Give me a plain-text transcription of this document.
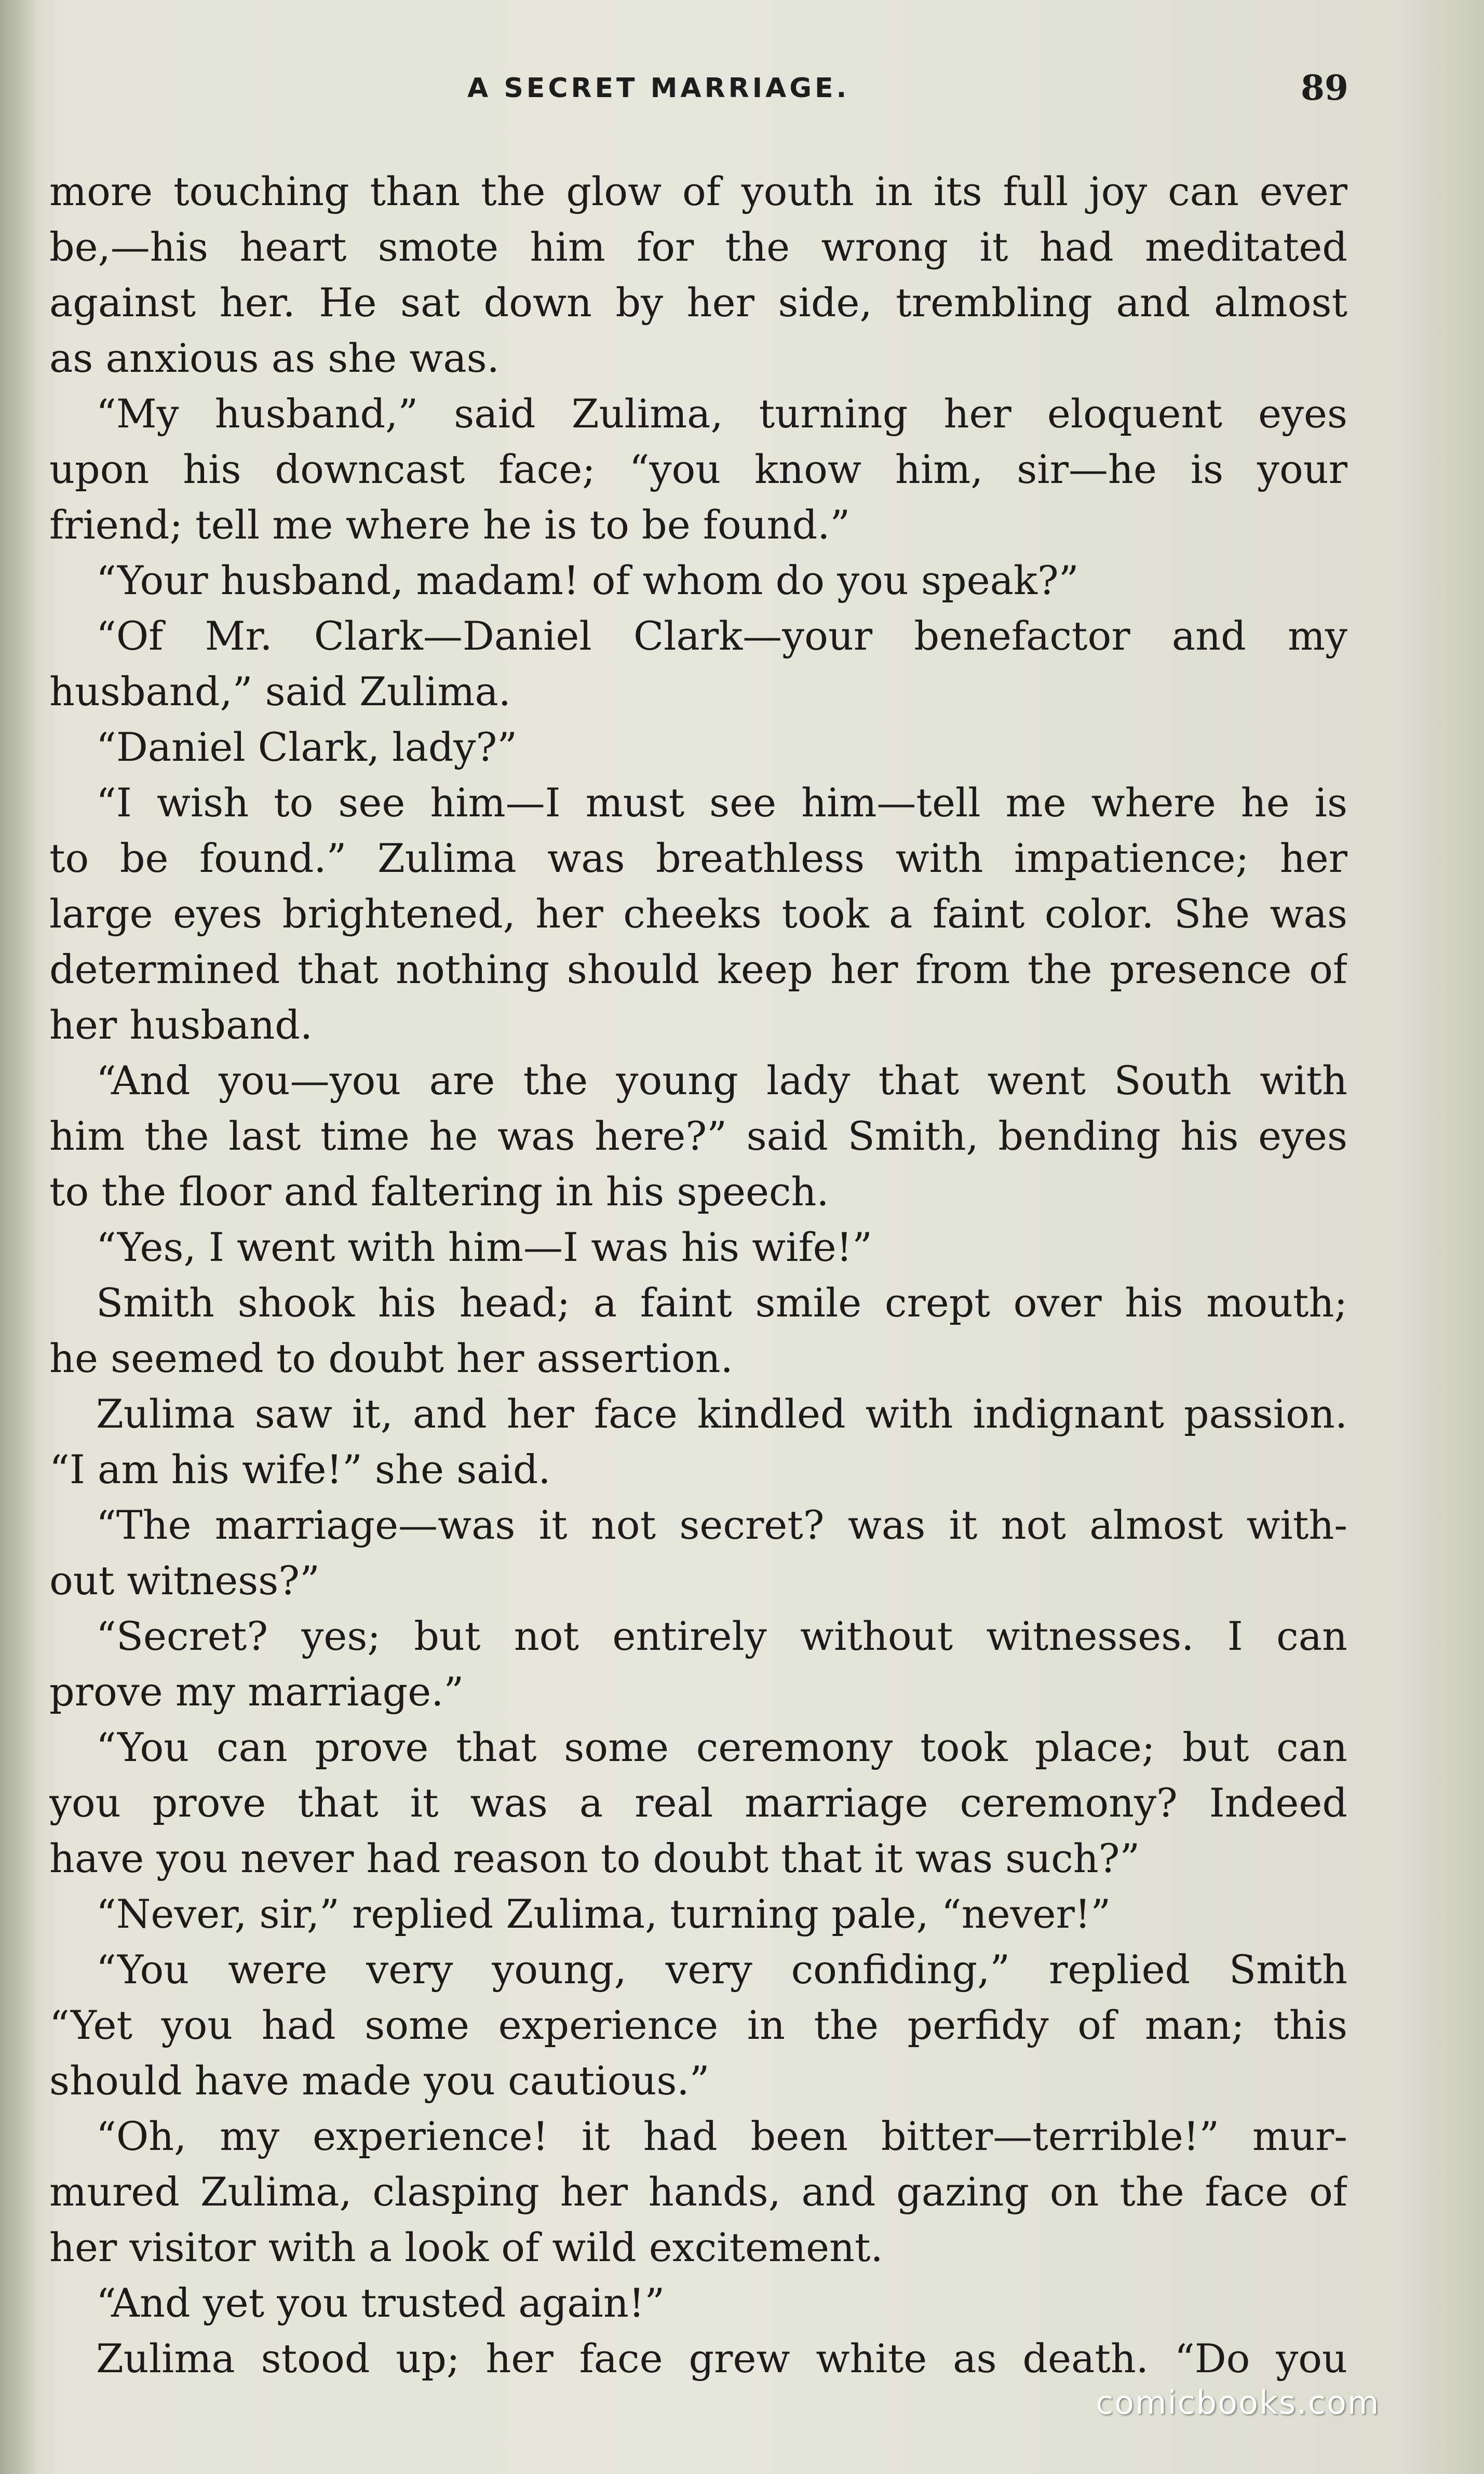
A SECRET MARRIAGE.	89
more touching than the glow of youth in its full joy can ever
be,—his heart smote him for the wrong it had meditated
against her. He sat down by her side, trembling and almost
as anxious as she was.
“My husband,” said Zulima, turning her eloquent eyes
upon his downcast face; “you know him, sir—he is your
friend; tell me where he is to be found.”
“Your husband, madam! of whom do you speak?”
“Of Mr. Clark—Daniel Clark—your benefactor and my
husband,” said Zulima.
“Daniel Clark, lady?”
“I wish to see him—I must see him—tell me where he is
to be found.” Zulima was breathless with impatience; her
large eyes brightened, her cheeks took a faint color. She was
determined that nothing should keep her from the presence of
her husband.
“And you—you are the young lady that went South with
him the last time he was here?” said Smith, bending his eyes
to the floor and faltering in his speech.
“Yes, I went with him—I was his wife!”
Smith shook his head; a faint smile crept over his mouth;
he seemed to doubt her assertion.
Zulima saw it, and her face kindled with indignant passion.
“I am his wife!” she said.
“The marriage—was it not secret? was it not almost with-
out witness?”
“Secret? yes; but not entirely without witnesses. I can
prove my marriage.”
“You can prove that some ceremony took place; but can
you prove that it was a real marriage ceremony? Indeed
have you never had reason to doubt that it was such?”
“Never, sir,” replied Zulima, turning pale, “never!”
“You were very young, very confiding,” replied Smith
“Yet you had some experience in the perfidy of man; this
should have made you cautious.”
“Oh, my experience! it had been bitter—terrible!” mur-
mured Zulima, clasping her hands, and gazing on the face of
her visitor with a look of wild excitement.
“And yet you trusted again!”
Zulima stood up; her face grew white as death. “Do you
comicbooks.com
